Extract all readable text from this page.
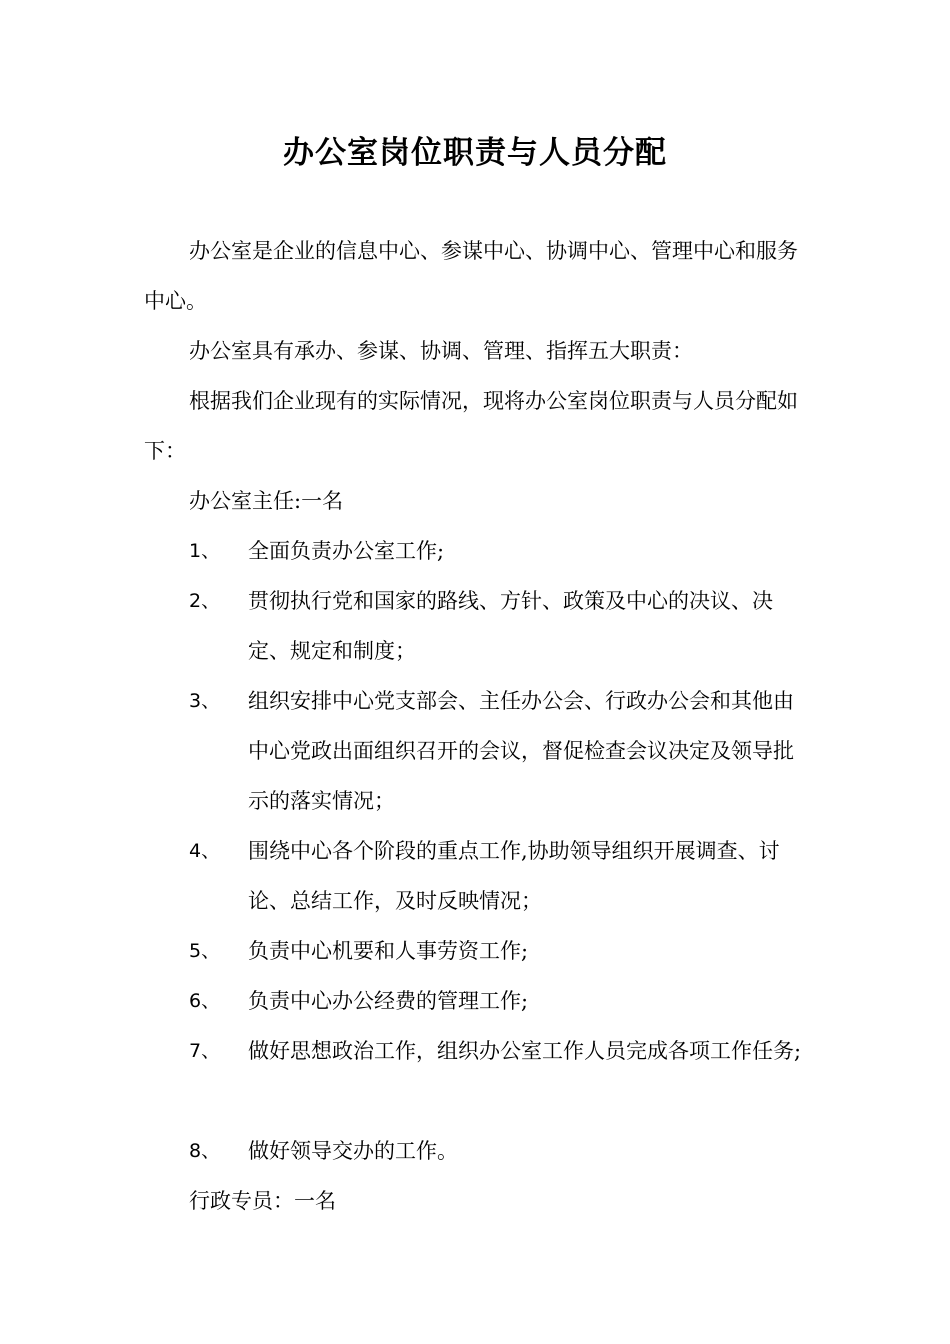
办公室岗位职责与人员分配

办公室是企业的信息中心、参谋中心、协调中心、管理中心和服务中心。

办公室具有承办、参谋、协调、管理、指挥五大职责：

根据我们企业现有的实际情况，现将办公室岗位职责与人员分配如下：

办公室主任:一名

1、 全面负责办公室工作;
2、 贯彻执行党和国家的路线、方针、政策及中心的决议、决定、规定和制度；
3、 组织安排中心党支部会、主任办公会、行政办公会和其他由中心党政出面组织召开的会议，督促检查会议决定及领导批示的落实情况；
4、 围绕中心各个阶段的重点工作,协助领导组织开展调查、讨论、总结工作，及时反映情况；
5、 负责中心机要和人事劳资工作;
6、 负责中心办公经费的管理工作;
7、 做好思想政治工作，组织办公室工作人员完成各项工作任务;
8、 做好领导交办的工作。

行政专员：一名
